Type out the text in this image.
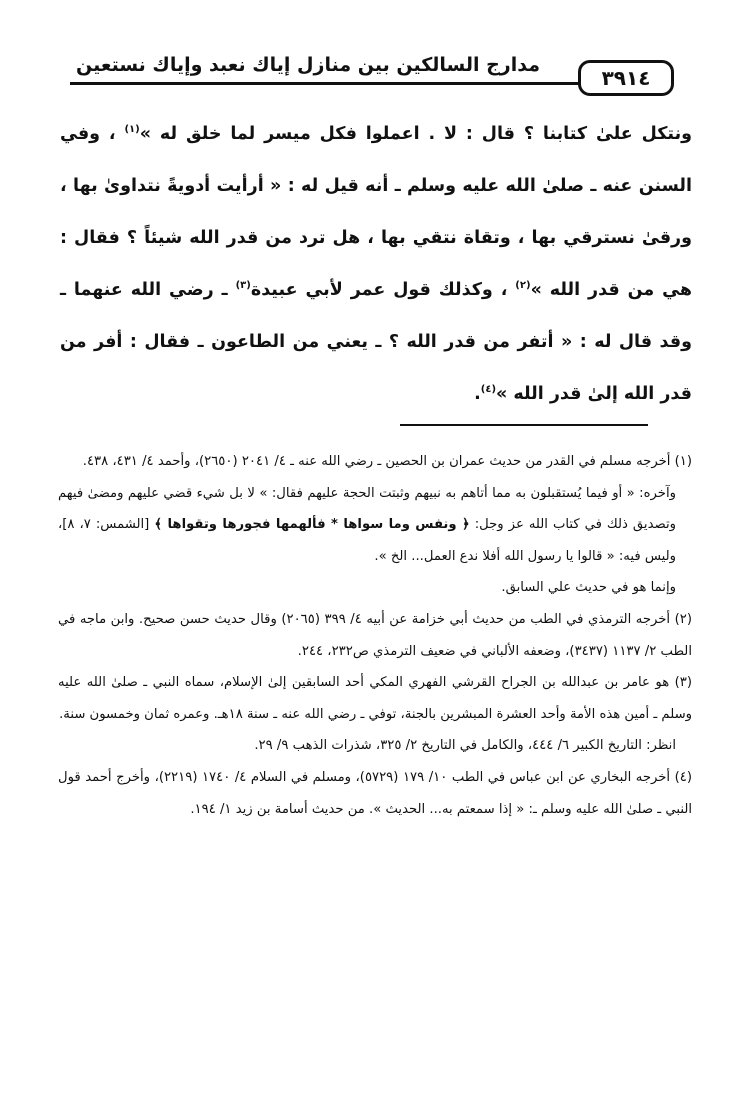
٣٩١٤
مدارج السالكين بين منازل إياك نعبد وإياك نستعين

ونتكل علىٰ كتابنا ؟ قال : لا . اعملوا فكل ميسر لما خلق له »$^{(١)}$ ، وفي السنن عنه ـ صلىٰ الله عليه وسلم ـ أنه قيل له : « أرأيت أدويةً نتداوىٰ بها ، ورقىٰ نسترقي بها ، وتقاة نتقي بها ، هل ترد من قدر الله شيئاً ؟ فقال : هي من قدر الله »$^{(٢)}$ ، وكذلك قول عمر لأبي عبيدة$^{(٣)}$ ـ رضي الله عنهما ـ وقد قال له : « أتفر من قدر الله ؟ ـ يعني من الطاعون ـ فقال : أفر من قدر الله إلىٰ قدر الله »$^{(٤)}$.

(١) أخرجه مسلم في القدر من حديث عمران بن الحصين ـ رضي الله عنه ـ ٤/ ٢٠٤١ (٢٦٥٠)، وأحمد ٤/ ٤٣١، ٤٣٨.

وآخره: « أو فيما يُستقبلون به مما أتاهم به نبيهم وثبتت الحجة عليهم فقال: » لا بل شيء قضي عليهم ومضىٰ فيهم وتصديق ذلك في كتاب الله عز وجل: ﴿ ونفس وما سواها * فألهمها فجورها وتقواها ﴾ [الشمس: ٧، ٨]، وليس فيه: « قالوا يا رسول الله أفلا ندع العمل... الخ ».

وإنما هو في حديث علي السابق.

(٢) أخرجه الترمذي في الطب من حديث أبي خزامة عن أبيه ٤/ ٣٩٩ (٢٠٦٥) وقال حديث حسن صحيح. وابن ماجه في الطب ٢/ ١١٣٧ (٣٤٣٧)، وضعفه الألباني في ضعيف الترمذي ص٢٣٢، ٢٤٤.

(٣) هو عامر بن عبدالله بن الجراح القرشي الفهري المكي أحد السابقين إلىٰ الإسلام، سماه النبي ـ صلىٰ الله عليه وسلم ـ أمين هذه الأمة وأحد العشرة المبشرين بالجنة، توفي ـ رضي الله عنه ـ سنة ١٨هـ. وعمره ثمان وخمسون سنة.

انظر: التاريخ الكبير ٦/ ٤٤٤، والكامل في التاريخ ٢/ ٣٢٥، شذرات الذهب ٩/ ٢٩.

(٤) أخرجه البخاري عن ابن عباس في الطب ١٠/ ١٧٩ (٥٧٢٩)، ومسلم في السلام ٤/ ١٧٤٠ (٢٢١٩)، وأخرج أحمد قول النبي ـ صلىٰ الله عليه وسلم ـ: « إذا سمعتم به... الحديث ». من حديث أسامة بن زيد ١/ ١٩٤.
